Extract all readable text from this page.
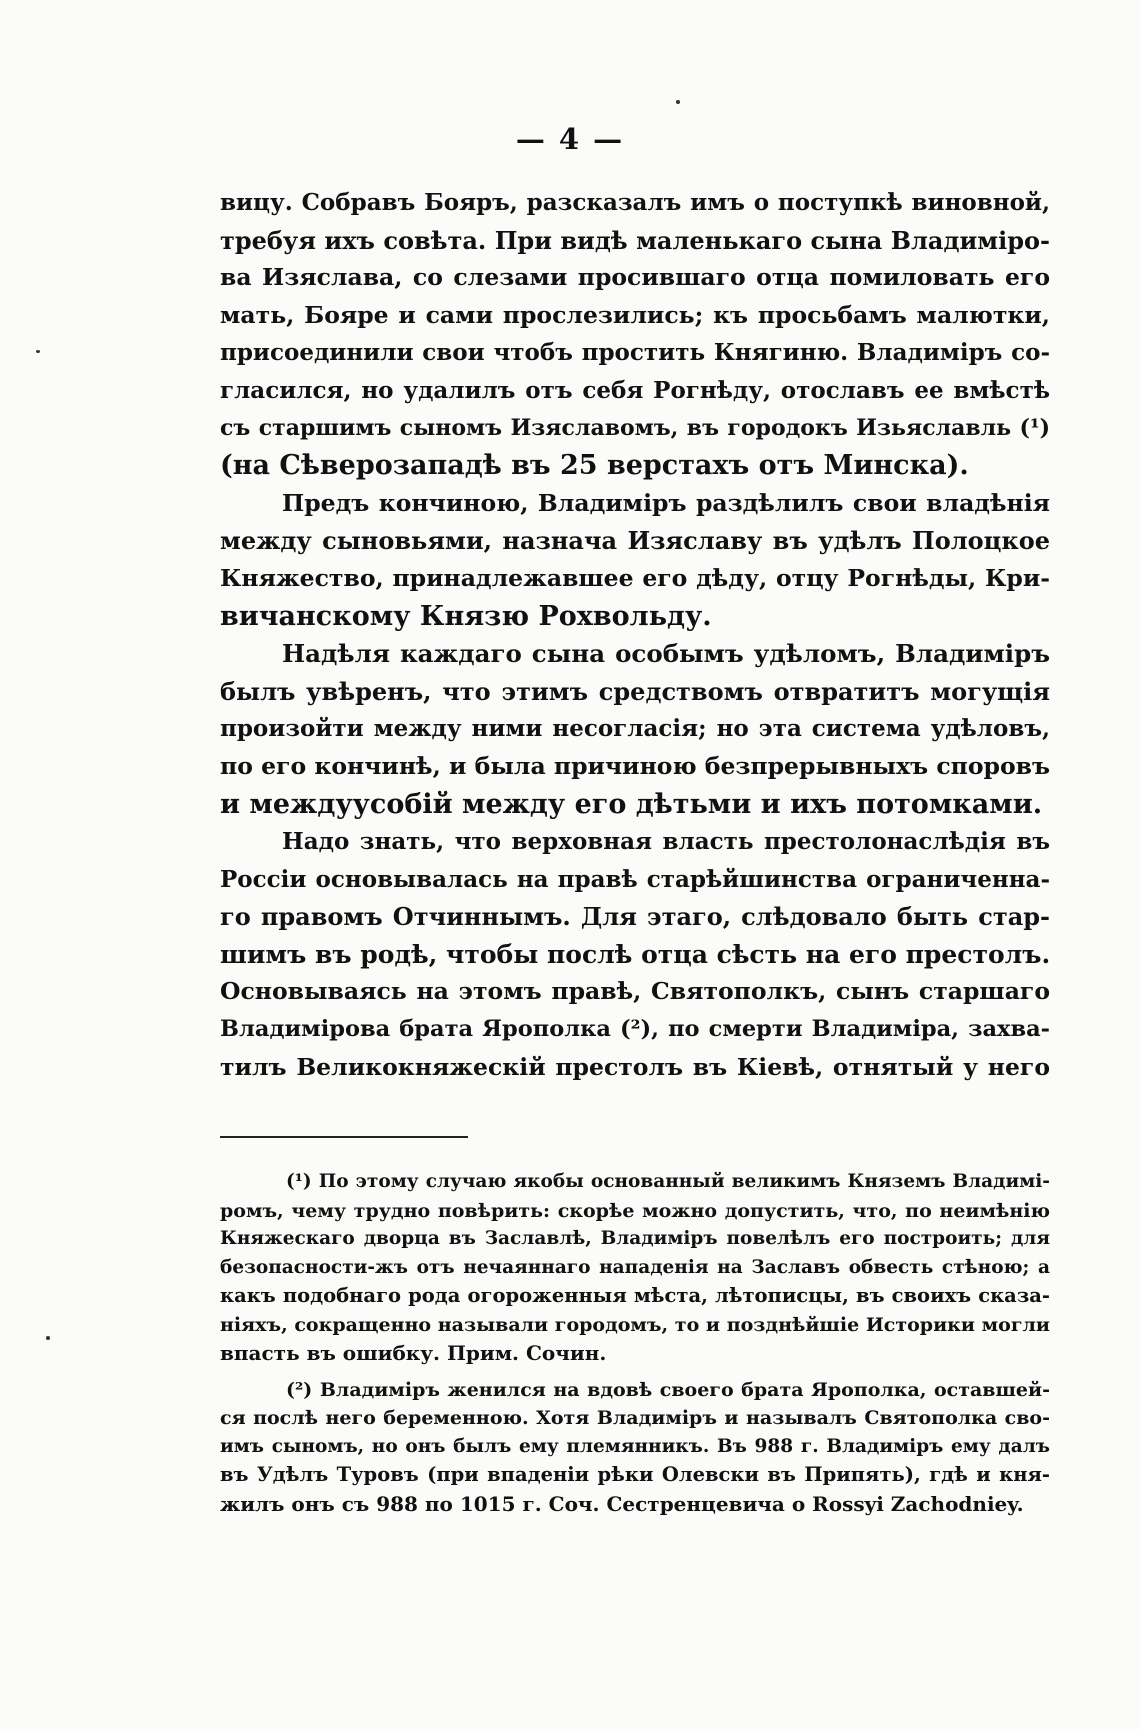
— 4 —
вицу. Собравъ Бояръ, разсказалъ имъ о поступкѣ виновной,
требуя ихъ совѣта. При видѣ маленькаго сына Владиміро-
ва Изяслава, со слезами просившаго отца помиловать его
мать, Бояре и сами прослезились; къ просьбамъ малютки,
присоединили свои чтобъ простить Княгиню. Владиміръ со-
гласился, но удалилъ отъ себя Рогнѣду, отославъ ее вмѣстѣ
съ старшимъ сыномъ Изяславомъ, въ городокъ Изьяславль (¹)
(на Сѣверозападѣ въ 25 верстахъ отъ Минска).
Предъ кончиною, Владиміръ раздѣлилъ свои владѣнія
между сыновьями, назнача Изяславу въ удѣлъ Полоцкое
Княжество, принадлежавшее его дѣду, отцу Рогнѣды, Кри-
вичанскому Князю Рохвольду.
Надѣля каждаго сына особымъ удѣломъ, Владиміръ
былъ увѣренъ, что этимъ средствомъ отвратитъ могущія
произойти между ними несогласія; но эта система удѣловъ,
по его кончинѣ, и была причиною безпрерывныхъ споровъ
и междуусобій между его дѣтьми и ихъ потомками.
Надо знать, что верховная власть престолонаслѣдія въ
Россіи основывалась на правѣ старѣйшинства ограниченна-
го правомъ Отчиннымъ. Для этаго, слѣдовало быть стар-
шимъ въ родѣ, чтобы послѣ отца сѣсть на его престолъ.
Основываясь на этомъ правѣ, Святополкъ, сынъ старшаго
Владимірова брата Ярополка (²), по смерти Владиміра, захва-
тилъ Великокняжескій престолъ въ Кіевѣ, отнятый у него
(¹) По этому случаю якобы основанный великимъ Княземъ Владимі-
ромъ, чему трудно повѣрить: скорѣе можно допустить, что, по неимѣнію
Княжескаго дворца въ Заславлѣ, Владиміръ повелѣлъ его построить; для
безопасности-жъ отъ нечаяннаго нападенія на Заславъ обвесть стѣною; а
какъ подобнаго рода огороженныя мѣста, лѣтописцы, въ своихъ сказа-
ніяхъ, сокращенно называли городомъ, то и позднѣйшіе Историки могли
впасть въ ошибку. Прим. Сочин.
(²) Владиміръ женился на вдовѣ своего брата Ярополка, оставшей-
ся послѣ него беременною. Хотя Владиміръ и называлъ Святополка сво-
имъ сыномъ, но онъ былъ ему племянникъ. Въ 988 г. Владиміръ ему далъ
въ Удѣлъ Туровъ (при впаденіи рѣки Олевски въ Припять), гдѣ и кня-
жилъ онъ съ 988 по 1015 г. Соч. Сестренцевича о Rossyi Zachodniey.
